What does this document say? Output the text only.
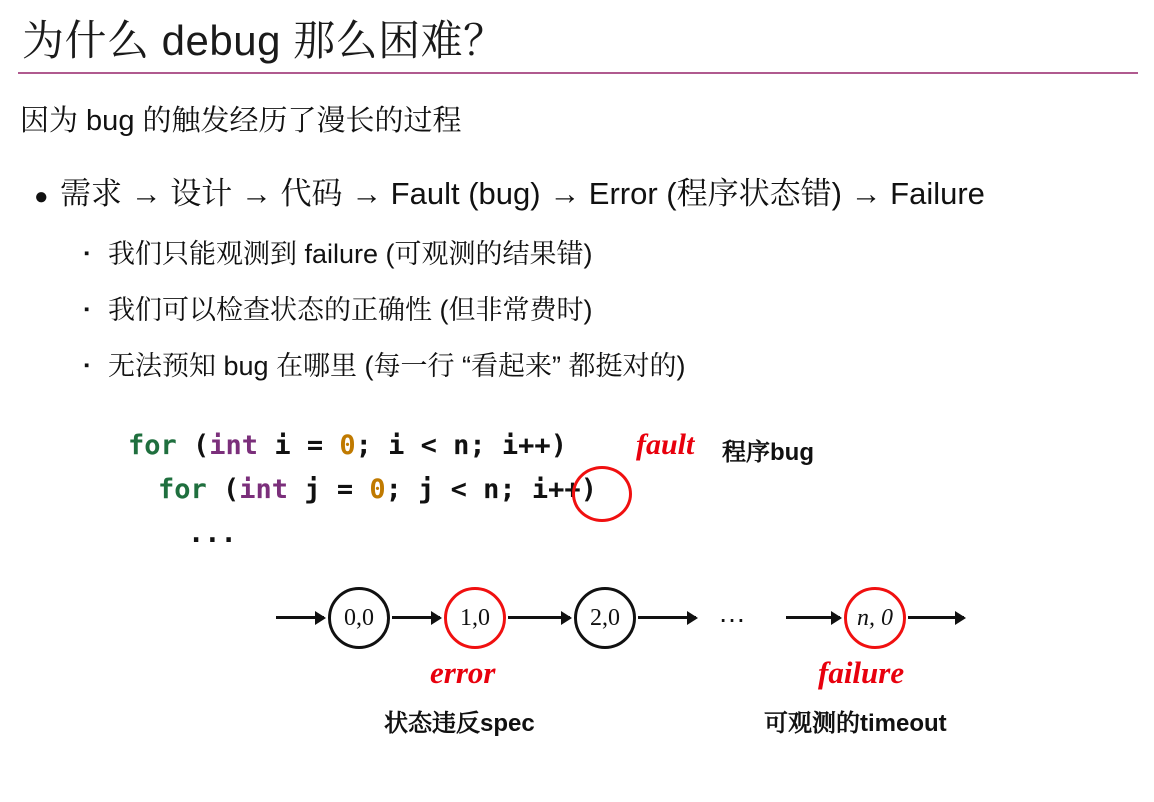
为什么 debug 那么困难？
因为 bug 的触发经历了漫长的过程
● 需求 → 设计 → 代码 → Fault (bug) → Error (程序状态错) → Failure
▪ 我们只能观测到 failure (可观测的结果错)
▪ 我们可以检查状态的正确性 (但非常费时)
▪ 无法预知 bug 在哪里 (每一行 “看起来” 都挺对的)
for (int i = 0; i < n; i++)
for (int j = 0; j < n; i++)
...
fault 程序bug
0,0	1,0	2,0	…	n, 0
error	failure
状态违反spec	可观测的timeout
